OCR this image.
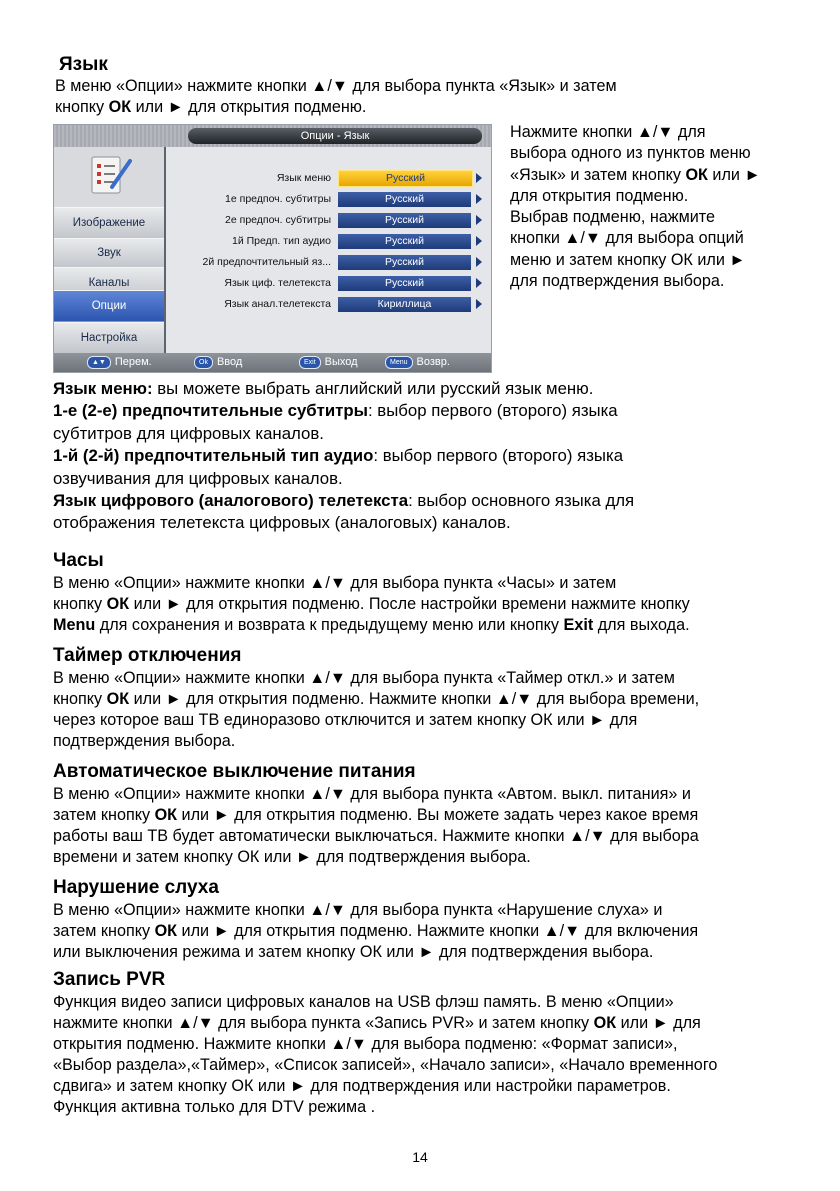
Язык
В меню «Опции» нажмите кнопки ▲/▼ для выбора пункта «Язык» и затем
кнопку ОК или ► для открытия подменю.
Опции - Язык
Изображение
Звук
Каналы
Опции
Настройка
Язык меню	Русский
1е предпоч. субтитры	Русский
2е предпоч. субтитры	Русский
1й Предп. тип аудио	Русский
2й предпочтительный яз...	Русский
Язык циф. телетекста	Русский
Язык анал.телетекста	Кириллица
▲▼ Перем.	Ok Ввод	Exit Выход	Menu Возвр.
Нажмите кнопки ▲/▼ для
выбора одного из пунктов меню
«Язык» и затем кнопку ОК или ►
для открытия подменю.
Выбрав подменю, нажмите
кнопки ▲/▼ для выбора опций
меню и затем кнопку ОК или ►
для подтверждения выбора.
Язык меню: вы можете выбрать английский или русский язык меню.
1-е (2-е) предпочтительные субтитры: выбор первого (второго) языка
субтитров для цифровых каналов.
1-й (2-й) предпочтительный тип аудио: выбор первого (второго) языка
озвучивания для цифровых каналов.
Язык цифрового (аналогового) телетекста: выбор основного языка для
отображения телетекста цифровых (аналоговых) каналов.
Часы
В меню «Опции» нажмите кнопки ▲/▼ для выбора пункта «Часы» и затем
кнопку ОК или ► для открытия подменю. После настройки времени нажмите кнопку
Menu для сохранения и возврата к предыдущему меню или кнопку Exit для выхода.
Таймер отключения
В меню «Опции» нажмите кнопки ▲/▼ для выбора пункта «Таймер откл.» и затем
кнопку ОК или ► для открытия подменю. Нажмите кнопки ▲/▼ для выбора времени,
через которое ваш ТВ единоразово отключится и затем кнопку ОК или ► для
подтверждения выбора.
Автоматическое выключение питания
В меню «Опции» нажмите кнопки ▲/▼ для выбора пункта «Автом. выкл. питания» и
затем кнопку ОК или ► для открытия подменю. Вы можете задать через какое время
работы ваш ТВ будет автоматически выключаться. Нажмите кнопки ▲/▼ для выбора
времени и затем кнопку ОК или ► для подтверждения выбора.
Нарушение слуха
В меню «Опции» нажмите кнопки ▲/▼ для выбора пункта «Нарушение слуха» и
затем кнопку ОК или ► для открытия подменю. Нажмите кнопки ▲/▼ для включения
или выключения режима и затем кнопку ОК или ► для подтверждения выбора.
Запись PVR
Функция видео записи цифровых каналов на USB флэш память. В меню «Опции»
нажмите кнопки ▲/▼ для выбора пункта «Запись PVR» и затем кнопку ОК или ► для
открытия подменю. Нажмите кнопки ▲/▼ для выбора подменю: «Формат записи»,
«Выбор раздела»,«Таймер», «Список записей», «Начало записи», «Начало временного
сдвига» и затем кнопку ОК или ► для подтверждения или настройки параметров.
Функция активна только для DTV режима .
14
